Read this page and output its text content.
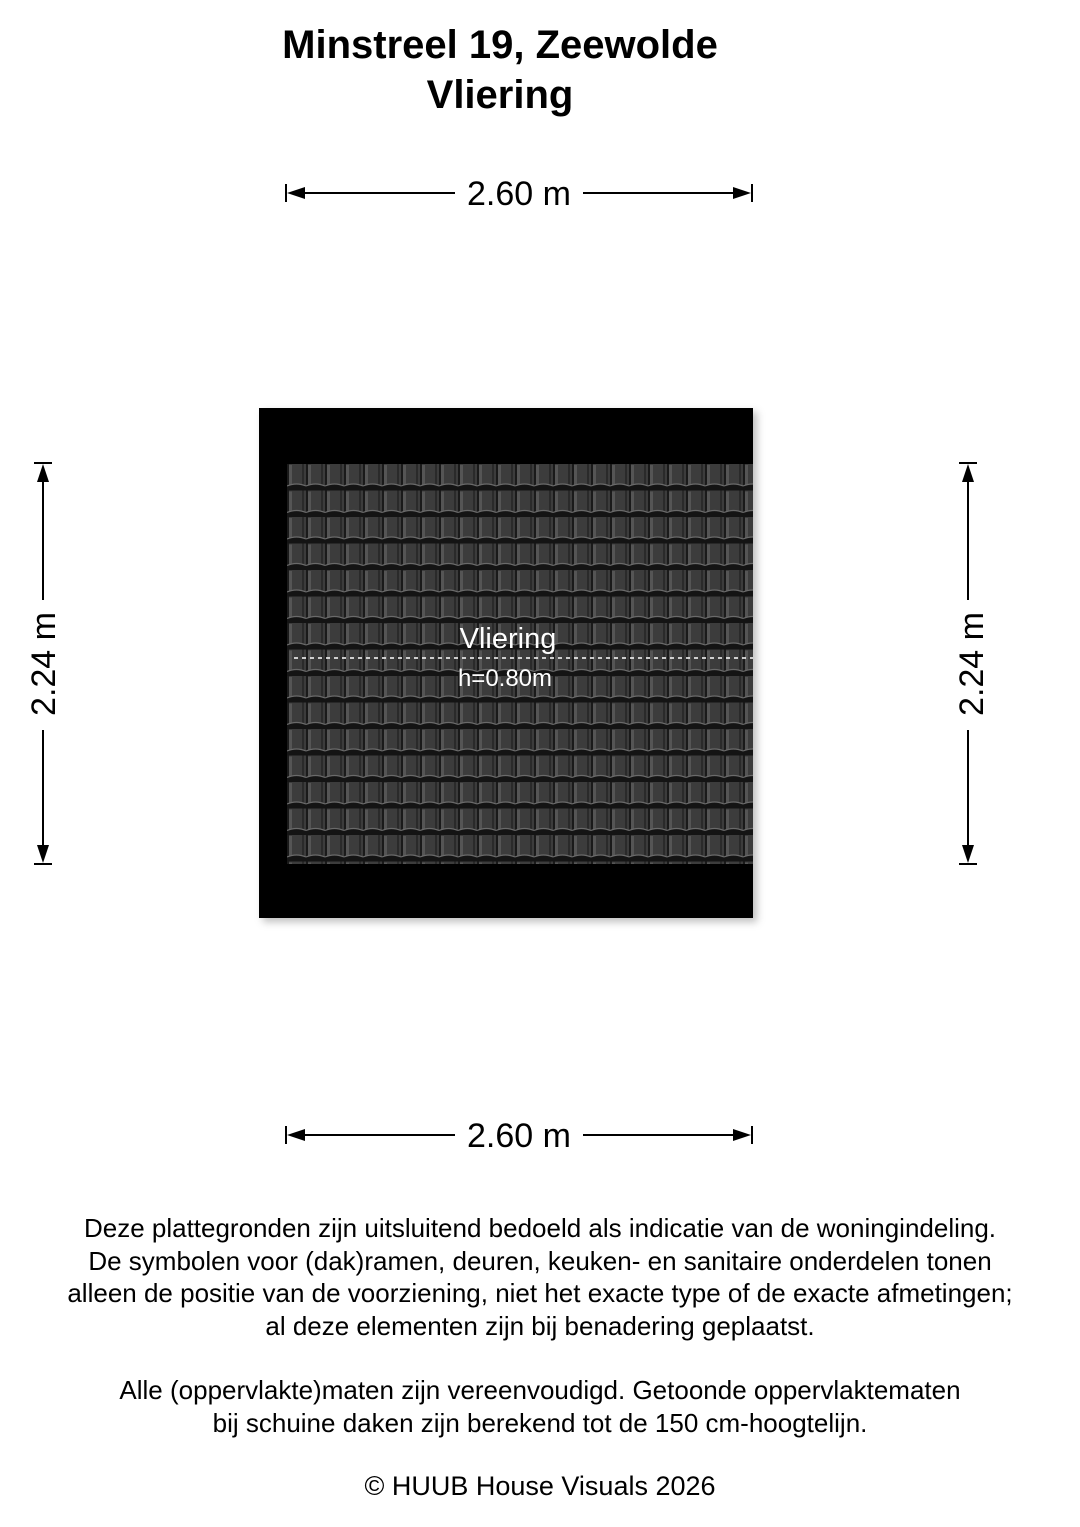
Minstreel 19, Zeewolde
Vliering
2.60 m
2.60 m
2.24 m	2.24 m
Vliering
h=0.80m
Deze plattegronden zijn uitsluitend bedoeld als indicatie van de woningindeling.
De symbolen voor (dak)ramen, deuren, keuken- en sanitaire onderdelen tonen
alleen de positie van de voorziening, niet het exacte type of de exacte afmetingen;
al deze elementen zijn bij benadering geplaatst.
Alle (oppervlakte)maten zijn vereenvoudigd. Getoonde oppervlaktematen
bij schuine daken zijn berekend tot de 150 cm-hoogtelijn.
© HUUB House Visuals 2026
